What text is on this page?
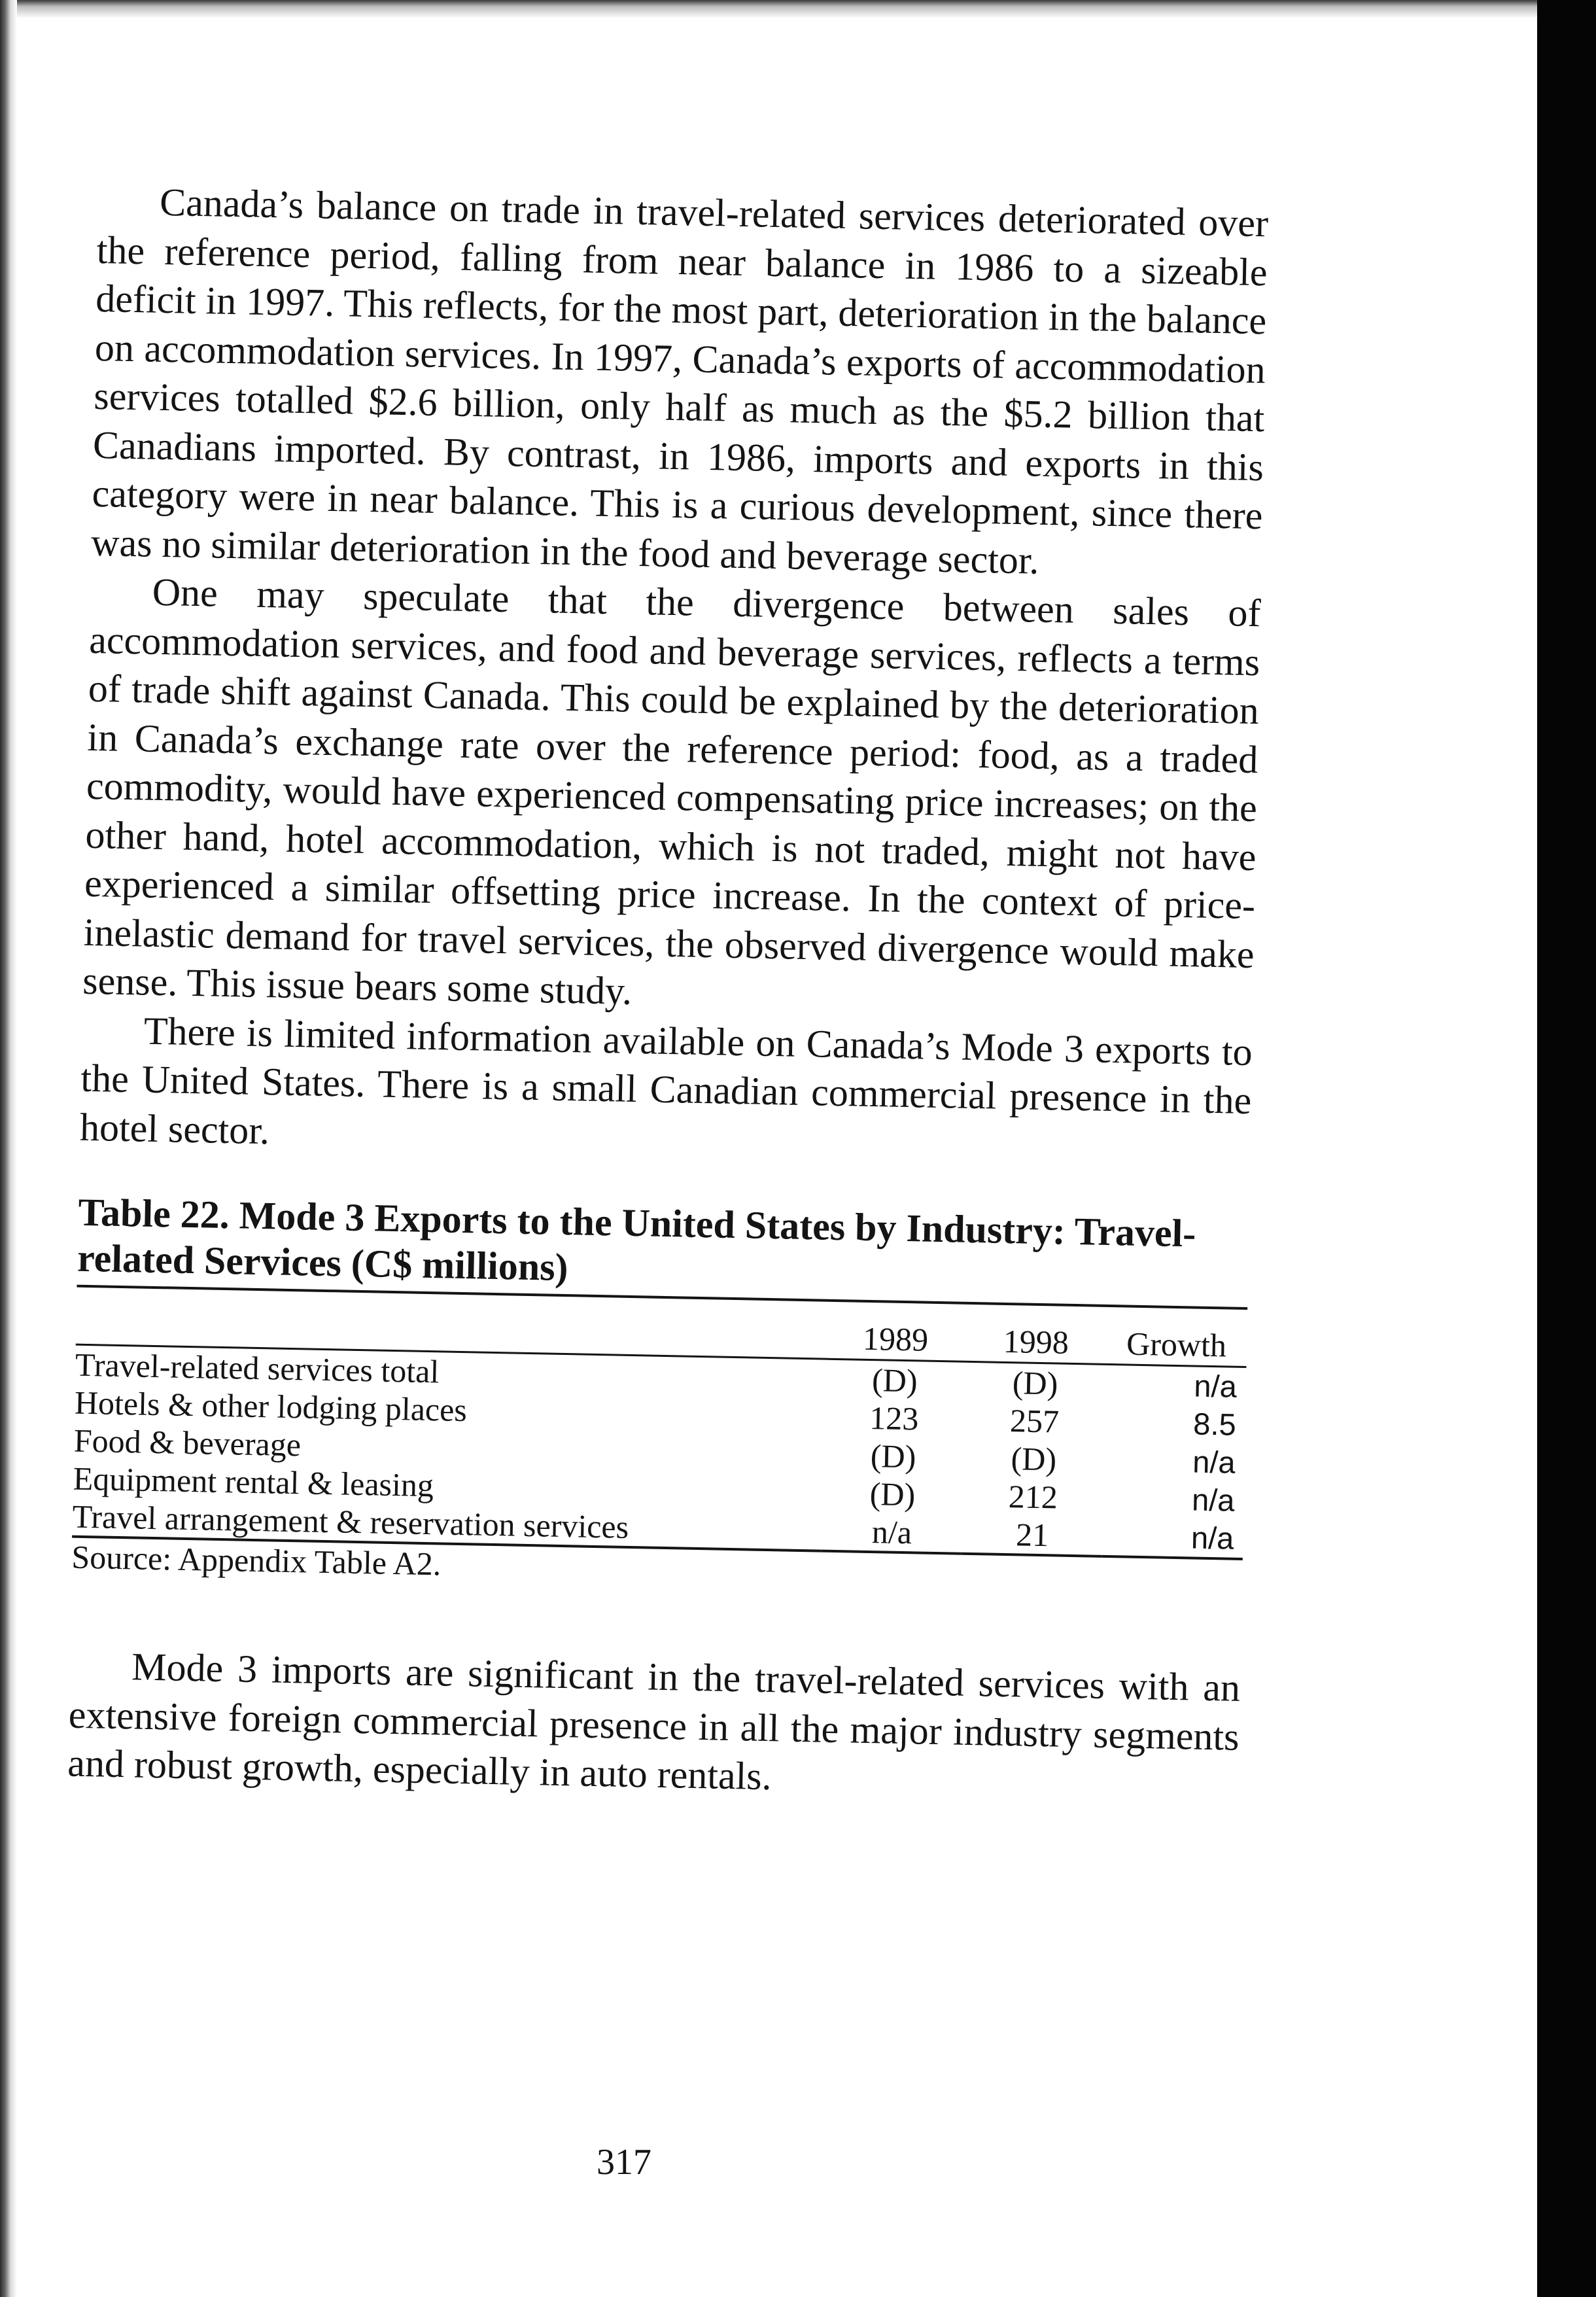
Canada’s balance on trade in travel-related services deteriorated over the reference period, falling from near balance in 1986 to a sizeable deficit in 1997. This reflects, for the most part, deterioration in the balance on accommodation services. In 1997, Canada’s exports of accommodation services totalled $2.6 billion, only half as much as the $5.2 billion that Canadians imported. By contrast, in 1986, imports and exports in this category were in near balance. This is a curious development, since there was no similar deterioration in the food and beverage sector.

One may speculate that the divergence between sales of accommodation services, and food and beverage services, reflects a terms of trade shift against Canada. This could be explained by the deterioration in Canada’s exchange rate over the reference period: food, as a traded commodity, would have experienced compensating price increases; on the other hand, hotel accommodation, which is not traded, might not have experienced a similar offsetting price increase. In the context of price-inelastic demand for travel services, the observed divergence would make sense. This issue bears some study.

There is limited information available on Canada’s Mode 3 exports to the United States. There is a small Canadian commercial presence in the hotel sector.

Table 22. Mode 3 Exports to the United States by Industry: Travel-related Services (C$ millions)

	1989	1998	Growth
Travel-related services total	(D)	(D)	n/a
Hotels & other lodging places	123	257	8.5
Food & beverage	(D)	(D)	n/a
Equipment rental & leasing	(D)	212	n/a
Travel arrangement & reservation services	n/a	21	n/a

Source: Appendix Table A2.

Mode 3 imports are significant in the travel-related services with an extensive foreign commercial presence in all the major industry segments and robust growth, especially in auto rentals.

317
